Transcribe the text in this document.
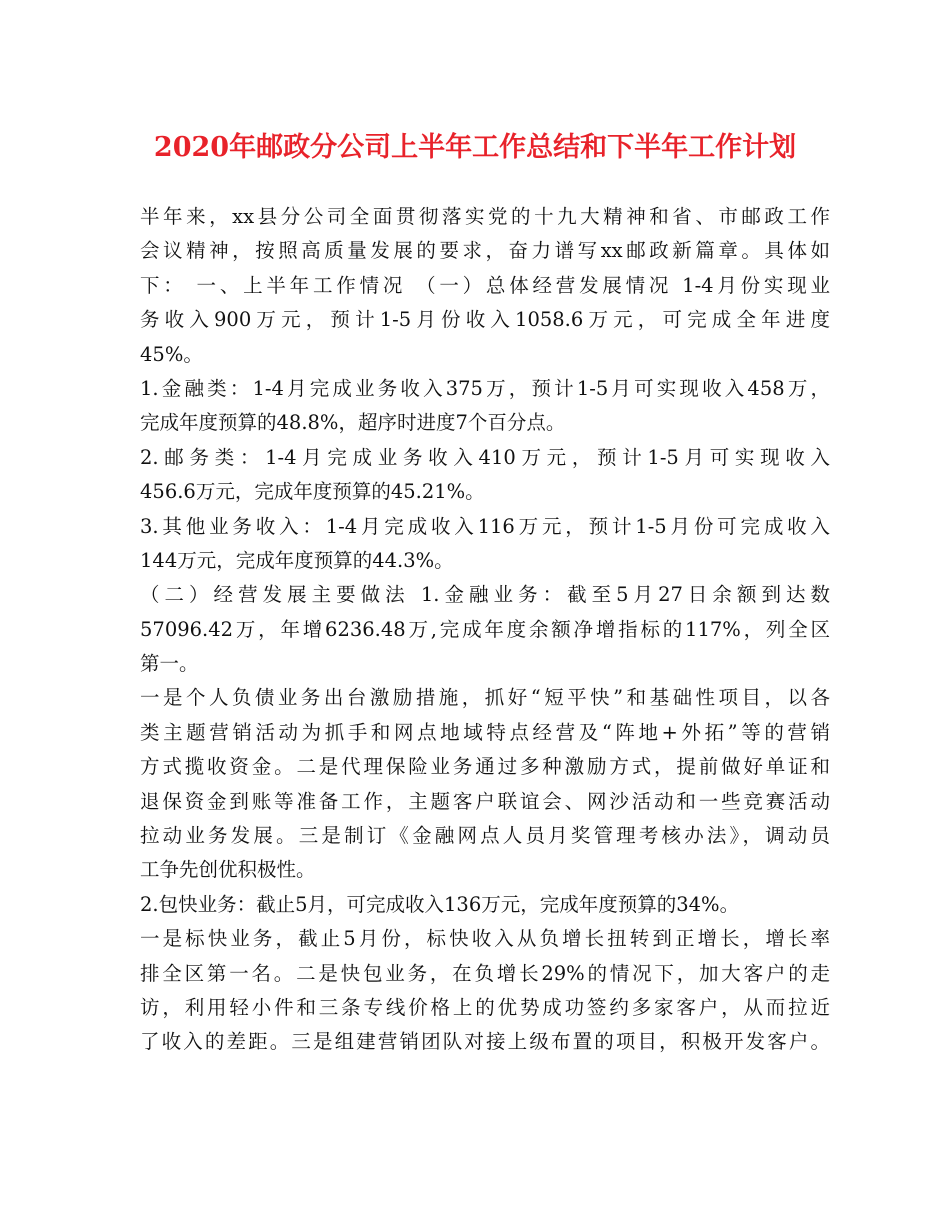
2020年邮政分公司上半年工作总结和下半年工作计划
半年来，xx县分公司全面贯彻落实党的十九大精神和省、市邮政工作
会议精神，按照高质量发展的要求，奋力谱写xx邮政新篇章。具体如
下： 一、上半年工作情况 （一）总体经营发展情况 1-4月份实现业
务收入900万元，预计1-5月份收入1058.6万元，可完成全年进度
45%。
1.金融类：1-4月完成业务收入375万，预计1-5月可实现收入458万，
完成年度预算的48.8%，超序时进度7个百分点。
2.邮务类：1-4月完成业务收入410万元，预计1-5月可实现收入
456.6万元，完成年度预算的45.21%。
3.其他业务收入：1-4月完成收入116万元，预计1-5月份可完成收入
144万元，完成年度预算的44.3%。
（二）经营发展主要做法 1.金融业务：截至5月27日余额到达数
57096.42万，年增6236.48万,完成年度余额净增指标的117%，列全区
第一。
一是个人负债业务出台激励措施，抓好“短平快”和基础性项目，以各
类主题营销活动为抓手和网点地域特点经营及“阵地+外拓”等的营销
方式揽收资金。二是代理保险业务通过多种激励方式，提前做好单证和
退保资金到账等准备工作，主题客户联谊会、网沙活动和一些竞赛活动
拉动业务发展。三是制订《金融网点人员月奖管理考核办法》，调动员
工争先创优积极性。
2.包快业务：截止5月，可完成收入136万元，完成年度预算的34%。
一是标快业务，截止5月份，标快收入从负增长扭转到正增长，增长率
排全区第一名。二是快包业务，在负增长29%的情况下，加大客户的走
访，利用轻小件和三条专线价格上的优势成功签约多家客户，从而拉近
了收入的差距。三是组建营销团队对接上级布置的项目，积极开发客户。
